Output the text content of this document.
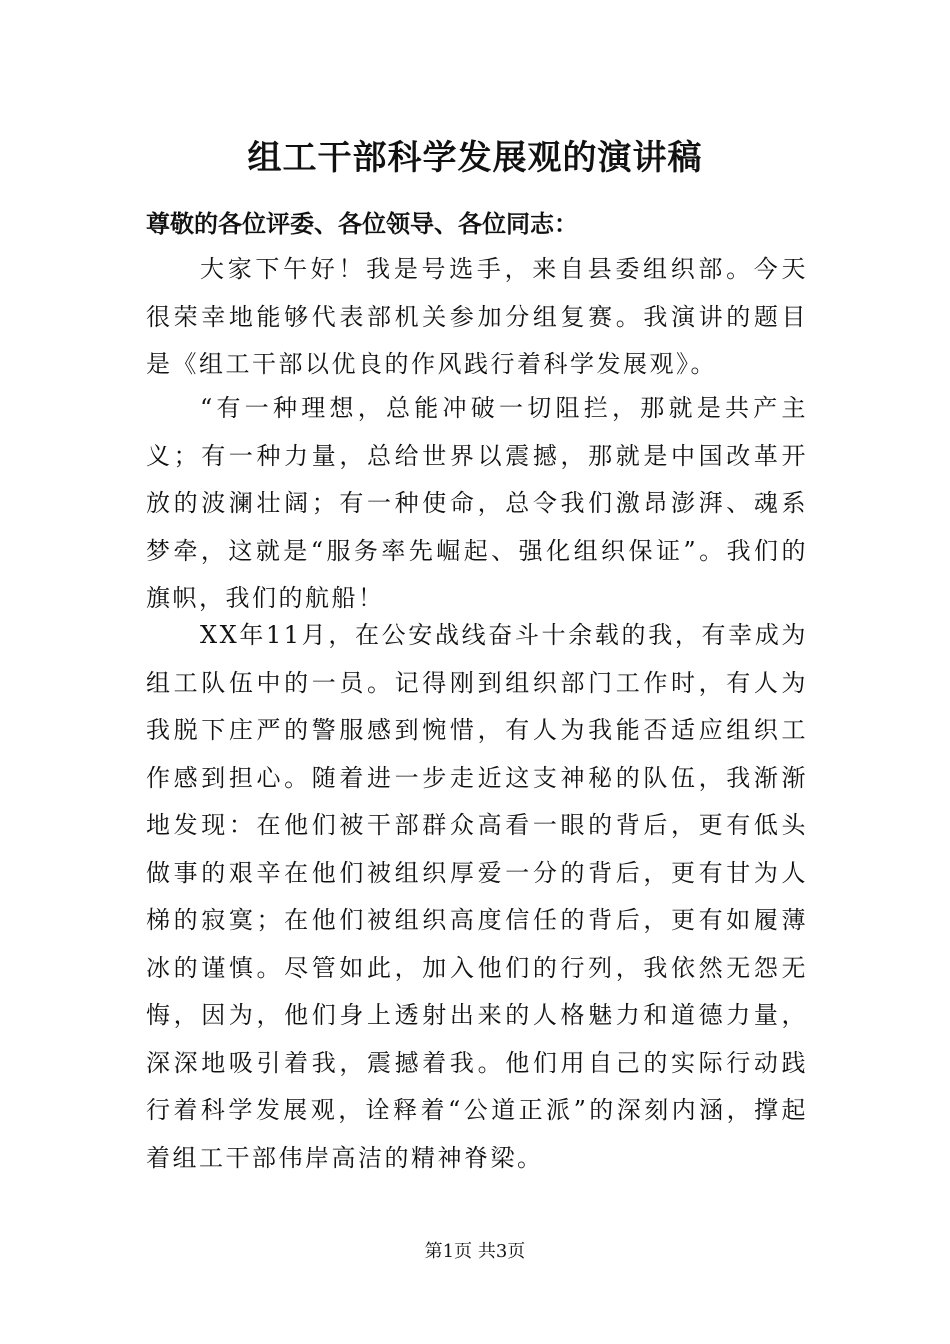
组工干部科学发展观的演讲稿
尊敬的各位评委、各位领导、各位同志：
大家下午好！我是号选手，来自县委组织部。今天很荣幸地能够代表部机关参加分组复赛。我演讲的题目是《组工干部以优良的作风践行着科学发展观》。
“有一种理想，总能冲破一切阻拦，那就是共产主义；有一种力量，总给世界以震撼，那就是中国改革开放的波澜壮阔；有一种使命，总令我们激昂澎湃、魂系梦牵，这就是“服务率先崛起、强化组织保证”。我们的旗帜，我们的航船！
XX年11月，在公安战线奋斗十余载的我，有幸成为组工队伍中的一员。记得刚到组织部门工作时，有人为我脱下庄严的警服感到惋惜，有人为我能否适应组织工作感到担心。随着进一步走近这支神秘的队伍，我渐渐地发现：在他们被干部群众高看一眼的背后，更有低头做事的艰辛在他们被组织厚爱一分的背后，更有甘为人梯的寂寞；在他们被组织高度信任的背后，更有如履薄冰的谨慎。尽管如此，加入他们的行列，我依然无怨无悔，因为，他们身上透射出来的人格魅力和道德力量，深深地吸引着我，震撼着我。他们用自己的实际行动践行着科学发展观，诠释着“公道正派”的深刻内涵，撑起着组工干部伟岸高洁的精神脊梁。
第1页 共3页
